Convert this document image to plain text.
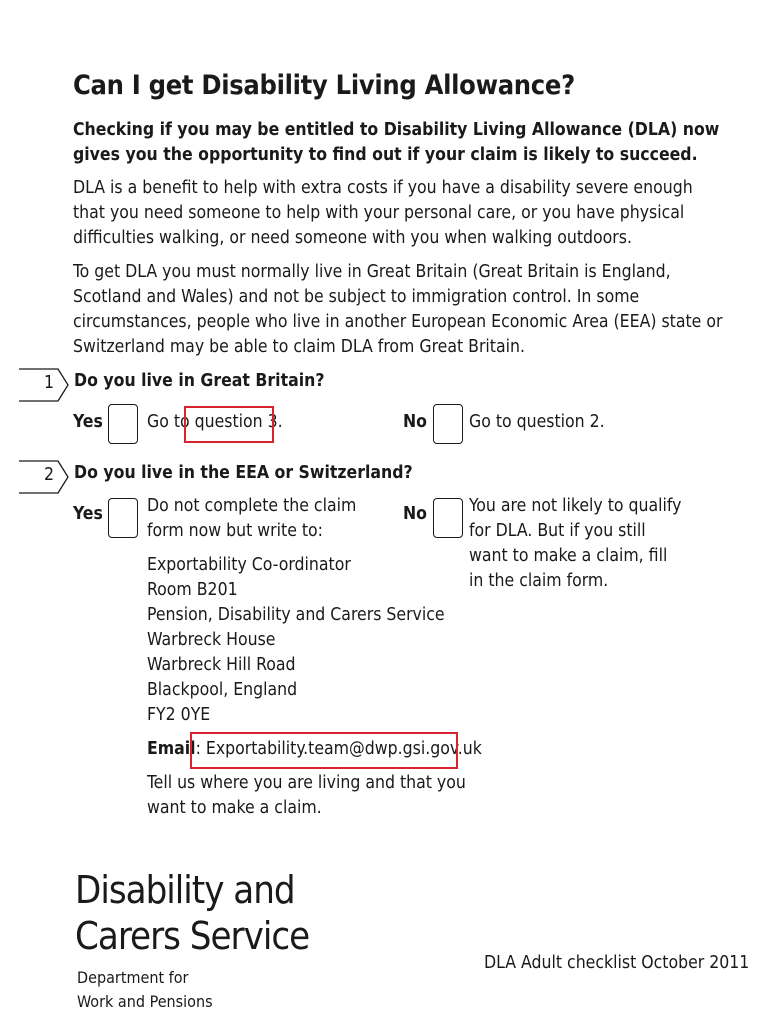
Can I get Disability Living Allowance?
Checking if you may be entitled to Disability Living Allowance (DLA) now gives you the opportunity to find out if your claim is likely to succeed.
DLA is a benefit to help with extra costs if you have a disability severe enough that you need someone to help with your personal care, or you have physical difficulties walking, or need someone with you when walking outdoors.
To get DLA you must normally live in Great Britain (Great Britain is England, Scotland and Wales) and not be subject to immigration control. In some circumstances, people who live in another European Economic Area (EEA) state or Switzerland may be able to claim DLA from Great Britain.
1 Do you live in Great Britain?
Yes	Go to question 3.	No Go to question 2.
2 Do you live in the EEA or Switzerland?
Yes	Do not complete the claim form now but write to:
Exportability Co-ordinator
Room B201
Pension, Disability and Carers Service
Warbreck House
Warbreck Hill Road
Blackpool, England
FY2 0YE
Email: Exportability.team@dwp.gsi.gov.uk
Tell us where you are living and that you want to make a claim.
No You are not likely to qualify for DLA. But if you still want to make a claim, fill in the claim form.
Disability and
Carers Service
Department for
Work and Pensions
DLA Adult checklist October 2011
